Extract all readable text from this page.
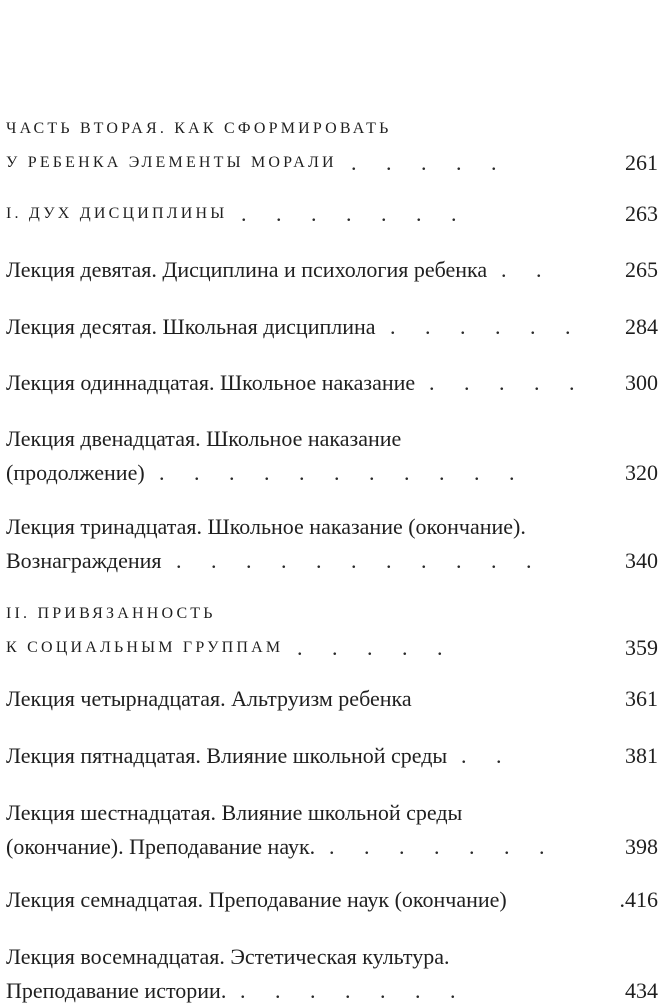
ЧАСТЬ ВТОРАЯ. КАК СФОРМИРОВАТЬ
У РЕБЕНКА ЭЛЕМЕНТЫ МОРАЛИ . . . . .	261
I. ДУХ ДИСЦИПЛИНЫ . . . . . . .	263
Лекция девятая. Дисциплина и психология ребенка . .	265
Лекция десятая. Школьная дисциплина . . . . . . 284
Лекция одиннадцатая. Школьное наказание . . . . . 300
Лекция двенадцатая. Школьное наказание
(продолжение) . . . . . . . . . . .	320
Лекция тринадцатая. Школьное наказание (окончание).
Вознаграждения . . . . . . . . . . .	340
II. ПРИВЯЗАННОСТЬ
К СОЦИАЛЬНЫМ ГРУППАМ . . . . .	359
Лекция четырнадцатая. Альтруизм ребенка	361
Лекция пятнадцатая. Влияние школьной среды . .	381
Лекция шестнадцатая. Влияние школьной среды
(окончание). Преподавание наук. . . . . . . .	398
Лекция семнадцатая. Преподавание наук (окончание)	.416
Лекция восемнадцатая. Эстетическая культура.
Преподавание истории. . . . . . . .	434
